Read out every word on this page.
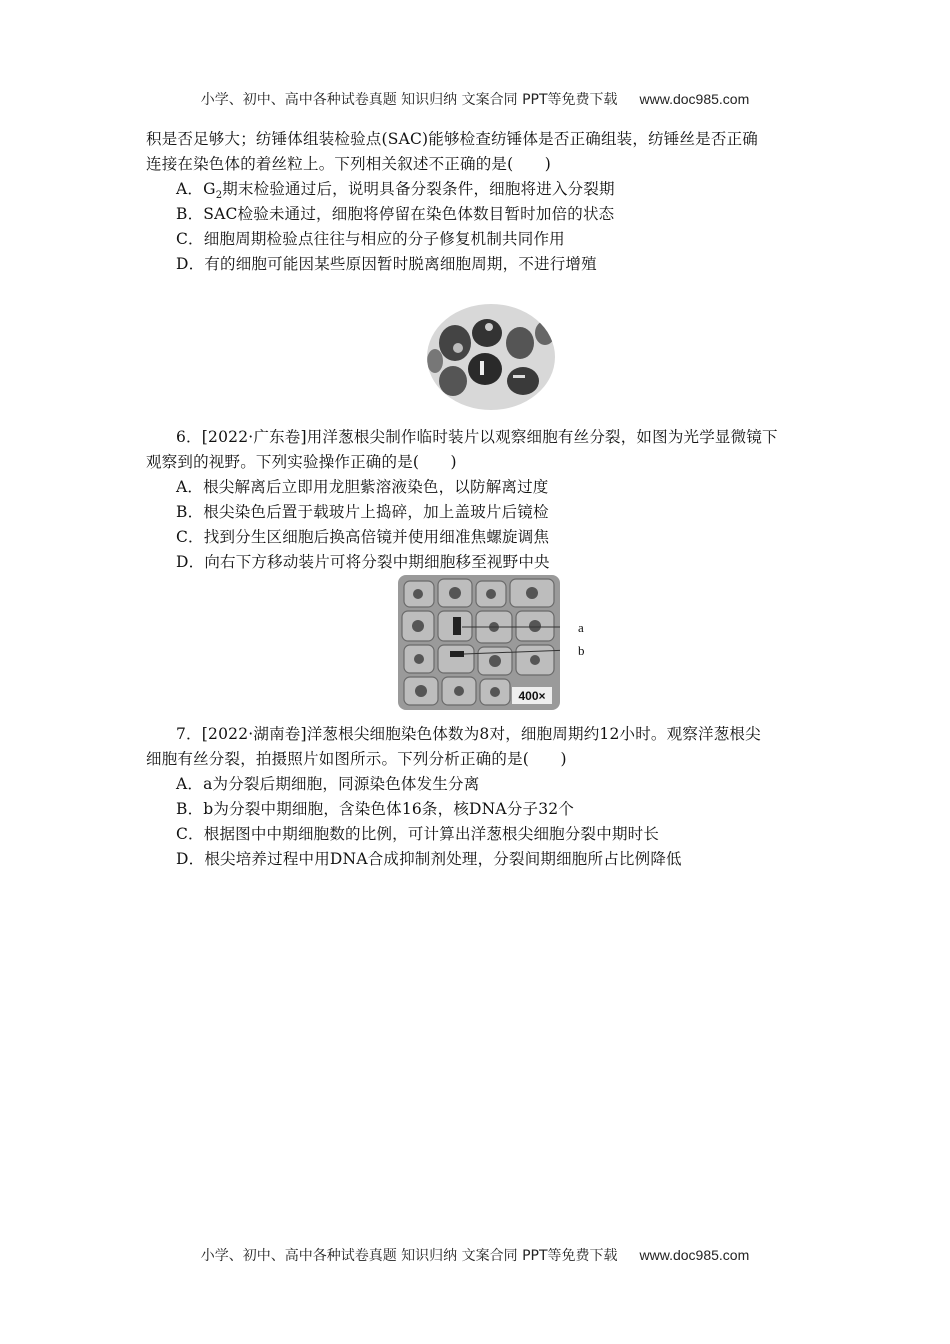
小学、初中、高中各种试卷真题 知识归纳 文案合同 PPT等免费下载 www.doc985.com
积是否足够大；纺锤体组装检验点(SAC)能够检查纺锤体是否正确组装，纺锤丝是否正确
连接在染色体的着丝粒上。下列相关叙述不正确的是(　　)
A．$G_2$期末检验通过后，说明具备分裂条件，细胞将进入分裂期
B．SAC检验未通过，细胞将停留在染色体数目暂时加倍的状态
C．细胞周期检验点往往与相应的分子修复机制共同作用
D．有的细胞可能因某些原因暂时脱离细胞周期，不进行增殖
6．[2022·广东卷]用洋葱根尖制作临时装片以观察细胞有丝分裂，如图为光学显微镜下
观察到的视野。下列实验操作正确的是(　　)
A．根尖解离后立即用龙胆紫溶液染色，以防解离过度
B．根尖染色后置于载玻片上捣碎，加上盖玻片后镜检
C．找到分生区细胞后换高倍镜并使用细准焦螺旋调焦
D．向右下方移动装片可将分裂中期细胞移至视野中央
400×
a
b
7．[2022·湖南卷]洋葱根尖细胞染色体数为8对，细胞周期约12小时。观察洋葱根尖
细胞有丝分裂，拍摄照片如图所示。下列分析正确的是(　　)
A．a为分裂后期细胞，同源染色体发生分离
B．b为分裂中期细胞，含染色体16条，核DNA分子32个
C．根据图中中期细胞数的比例，可计算出洋葱根尖细胞分裂中期时长
D．根尖培养过程中用DNA合成抑制剂处理，分裂间期细胞所占比例降低
小学、初中、高中各种试卷真题 知识归纳 文案合同 PPT等免费下载 www.doc985.com
